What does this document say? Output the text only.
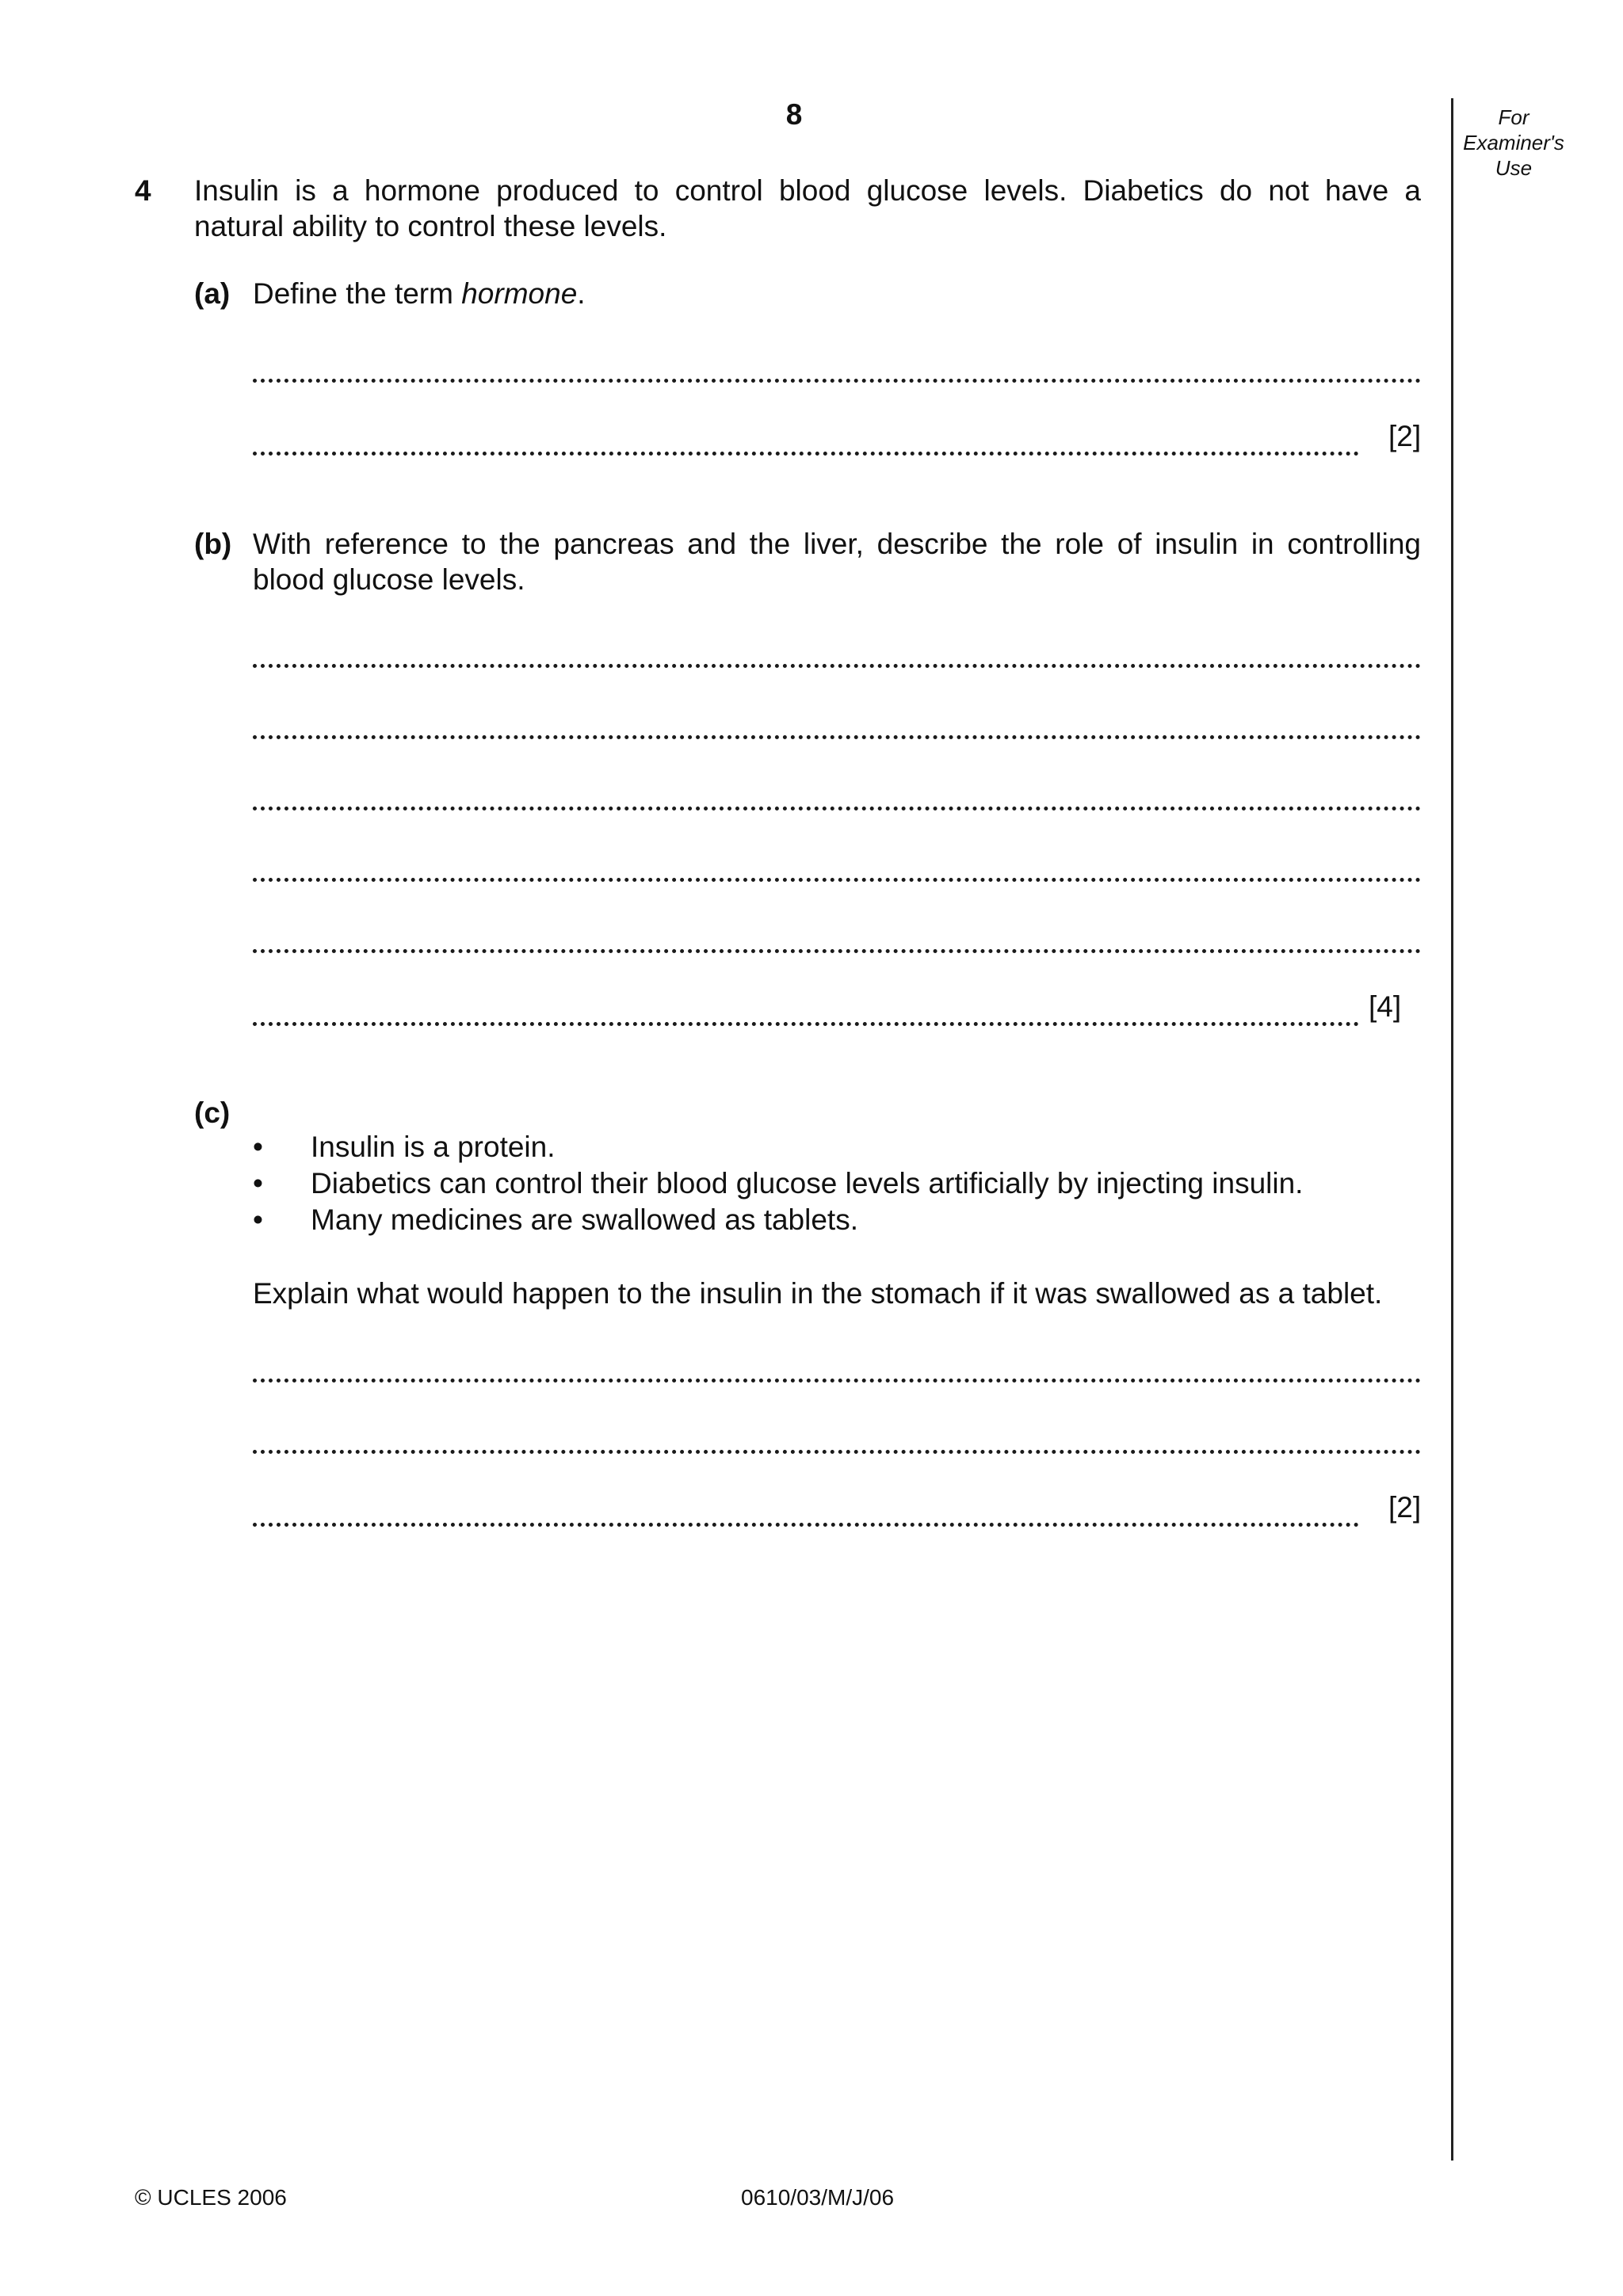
8	For
Examiner's
Use
4 Insulin is a hormone produced to control blood glucose levels. Diabetics do not have a
natural ability to control these levels.
(a) Define the term hormone.
[2]
(b) With reference to the pancreas and the liver, describe the role of insulin in controlling
blood glucose levels.
[4]
(c)
• Insulin is a protein.
• Diabetics can control their blood glucose levels artificially by injecting insulin.
• Many medicines are swallowed as tablets.
Explain what would happen to the insulin in the stomach if it was swallowed as a tablet.
[2]
© UCLES 2006	0610/03/M/J/06
